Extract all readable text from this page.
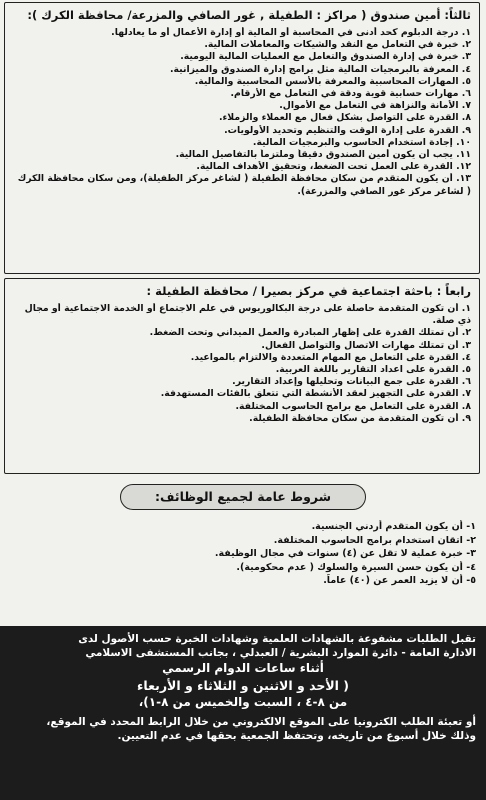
ثالثاً: أمين صندوق ( مراكز : الطفيلة , غور الصافي والمزرعة/ محافظة الكرك ):
١. درجة الدبلوم كحد أدنى في المحاسبة أو المالية أو إدارة الأعمال أو ما يعادلها.
٢. خبرة في التعامل مع النقد والشيكات والمعاملات المالية.
٣. خبرة في إدارة الصندوق والتعامل مع العمليات المالية اليومية.
٤. المعرفة بالبرمجيات المالية مثل برامج إدارة الصندوق والميزانية.
٥. المهارات المحاسبية والمعرفة بالأسس المحاسبية والمالية.
٦. مهارات حسابية قوية ودقة في التعامل مع الأرقام.
٧. الأمانة والنزاهة في التعامل مع الأموال.
٨. القدرة على التواصل بشكل فعال مع العملاء والزملاء.
٩. القدرة على إدارة الوقت والتنظيم وتحديد الأولويات.
١٠. إجادة استخدام الحاسوب والبرمجيات المالية.
١١. يجب أن يكون أمين الصندوق دقيقاً وملتزماً بالتفاصيل المالية.
١٢. القدرة على العمل تحت الضغط، وتحقيق الأهداف المالية.
١٣. أن يكون المتقدم من سكان محافظة الطفيلة ( لشاغر مركز الطفيلة)، ومن سكان محافظة الكرك ( لشاغر مركز غور الصافي والمزرعة).
رابعاً : باحثة اجتماعية في مركز بصيرا / محافظة الطفيلة :
١. أن تكون المتقدمة حاصلة على درجة البكالوريوس في علم الاجتماع أو الخدمة الاجتماعية أو مجال ذي صلة.
٢. أن تمتلك القدرة على إظهار المبادرة والعمل الميداني وتحت الضغط.
٣. أن تمتلك مهارات الاتصال والتواصل الفعال.
٤. القدرة على التعامل مع المهام المتعددة والالتزام بالمواعيد.
٥. القدرة على اعداد التقارير باللغة العربية.
٦. القدرة على جمع البيانات وتحليلها وإعداد التقارير.
٧. القدرة على التجهيز لعقد الأنشطة التي تتعلق بالفئات المستهدفة.
٨. القدرة على التعامل مع برامج الحاسوب المختلفة.
٩. أن تكون المتقدمة من سكان محافظة الطفيلة.
شروط عامة لجميع الوظائف:
١- أن يكون المتقدم أردني الجنسية.
٢- اتقان استخدام برامج الحاسوب المختلفة.
٣- خبرة عملية لا تقل عن (٤) سنوات في مجال الوظيفة.
٤- أن يكون حسن السيرة والسلوك ( عدم محكومية).
٥- أن لا يزيد العمر عن (٤٠) عاماً.
تقبل الطلبات مشفوعة بالشهادات العلمية وشهادات الخبرة حسب الأصول لدى
الادارة العامة - دائرة الموارد البشرية / العبدلي ، بجانب المستشفى الاسلامي
أثناء ساعات الدوام الرسمي
( الأحد و الاثنين و الثلاثاء و الأربعاء
من ٨-٤ ، السبت والخميس من ٨-١)،
أو تعبئة الطلب الكترونيا على الموقع الالكتروني من خلال الرابط المحدد في الموقع،
وذلك خلال أسبوع من تاريخه، وتحتفظ الجمعية بحقها في عدم التعيين.
